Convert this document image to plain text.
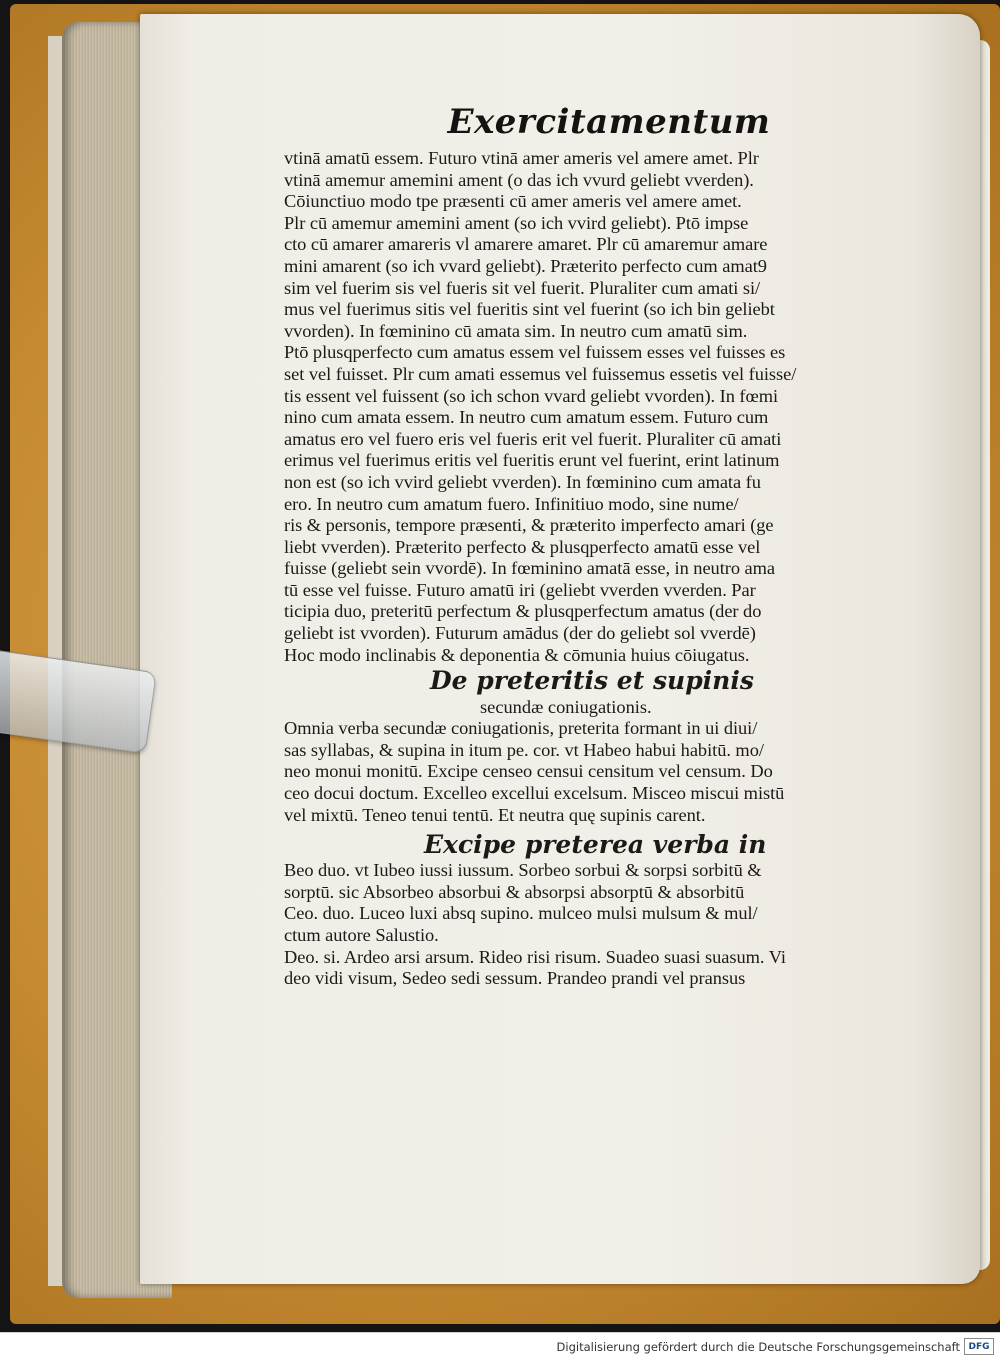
Exercitamentum
vtinā amatū essem. Futuro vtinā amer ameris vel amere amet. Plr
vtinā amemur amemini ament (o das ich vvurd geliebt vverden).
Cōiunctiuo modo tpe præsenti cū amer ameris vel amere amet.
Plr cū amemur amemini ament (so ich vvird geliebt). Ptō impse
cto cū amarer amareris vl amarere amaret. Plr cū amaremur amare
mini amarent (so ich vvard geliebt). Præterito perfecto cum amat9
sim vel fuerim sis vel fueris sit vel fuerit. Pluraliter cum amati si/
mus vel fuerimus sitis vel fueritis sint vel fuerint (so ich bin geliebt
vvorden). In fœminino cū amata sim. In neutro cum amatū sim.
Ptō plusqperfecto cum amatus essem vel fuissem esses vel fuisses es
set vel fuisset. Plr cum amati essemus vel fuissemus essetis vel fuisse/
tis essent vel fuissent (so ich schon vvard geliebt vvorden). In fœmi
nino cum amata essem. In neutro cum amatum essem. Futuro cum
amatus ero vel fuero eris vel fueris erit vel fuerit. Pluraliter cū amati
erimus vel fuerimus eritis vel fueritis erunt vel fuerint, erint latinum
non est (so ich vvird geliebt vverden). In fœminino cum amata fu
ero. In neutro cum amatum fuero. Infinitiuo modo, sine nume/
ris & personis, tempore præsenti, & præterito imperfecto amari (ge
liebt vverden). Præterito perfecto & plusqperfecto amatū esse vel
fuisse (geliebt sein vvordē). In fœminino amatā esse, in neutro ama
tū esse vel fuisse. Futuro amatū iri (geliebt vverden vverden. Par
ticipia duo, preteritū perfectum & plusqperfectum amatus (der do
geliebt ist vvorden). Futurum amādus (der do geliebt sol vverdē)
Hoc modo inclinabis & deponentia & cōmunia huius cōiugatus.
De preteritis et supinis
secundæ coniugationis.
Omnia verba secundæ coniugationis, preterita formant in ui diui/
sas syllabas, & supina in itum pe. cor. vt Habeo habui habitū. mo/
neo monui monitū. Excipe censeo censui censitum vel censum. Do
ceo docui doctum. Excelleo excellui excelsum. Misceo miscui mistū
vel mixtū. Teneo tenui tentū. Et neutra quę supinis carent.
Excipe preterea verba in
Beo duo. vt Iubeo iussi iussum. Sorbeo sorbui & sorpsi sorbitū &
sorptū. sic Absorbeo absorbui & absorpsi absorptū & absorbitū
Ceo. duo. Luceo luxi absq supino. mulceo mulsi mulsum & mul/
ctum autore Salustio.
Deo. si. Ardeo arsi arsum. Rideo risi risum. Suadeo suasi suasum. Vi
deo vidi visum, Sedeo sedi sessum. Prandeo prandi vel pransus
Digitalisierung gefördert durch die Deutsche Forschungsgemeinschaft DFG
